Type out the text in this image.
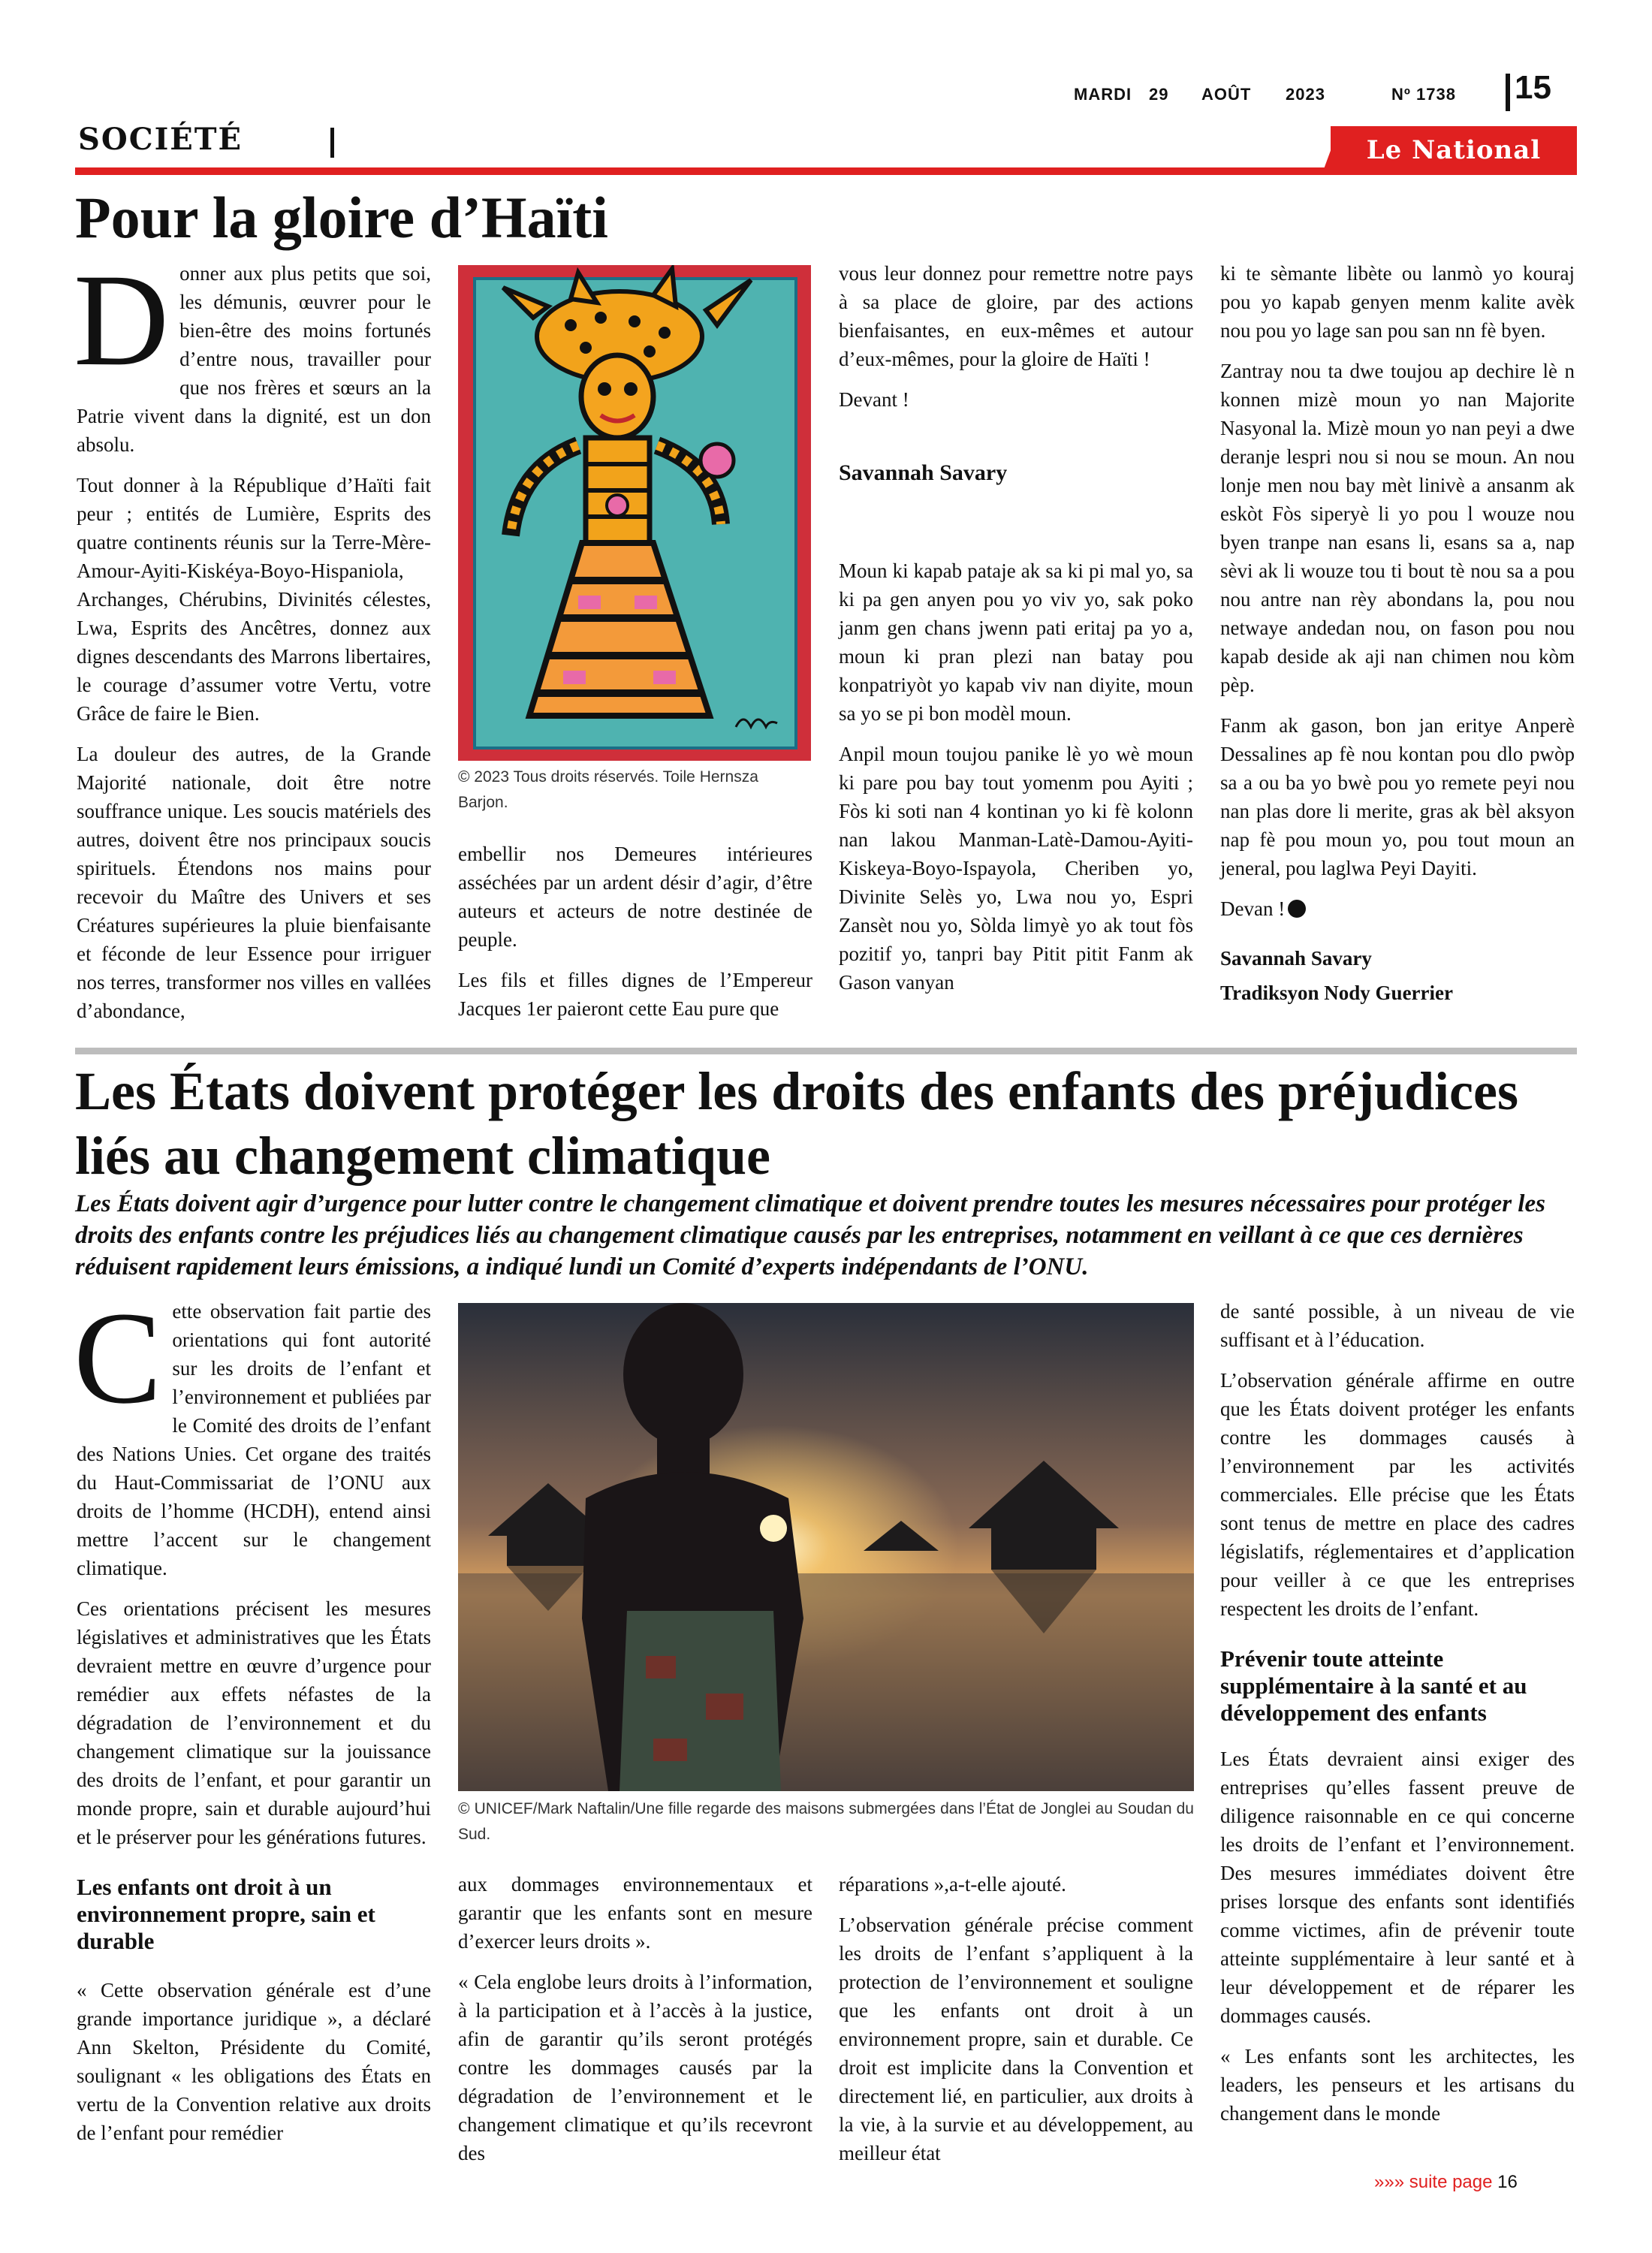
MARDI 29 AOÛT 2023	Nº 1738 15
SOCIÉTÉ	Le National
Pour la gloire d’Haïti

Donner aux plus petits que soi, les démunis, œuvrer pour le bien-être des moins fortunés d’entre nous, travailler pour que nos frères et sœurs an la Patrie vivent dans la dignité, est un don absolu.

Tout donner à la République d’Haïti fait peur ; entités de Lumière, Esprits des quatre continents réunis sur la Terre-Mère-Amour-Ayiti-Kiskéya-Boyo-Hispaniola, Archanges, Chérubins, Divinités célestes, Lwa, Esprits des Ancêtres, donnez aux dignes descendants des Marrons libertaires, le courage d’assumer votre Vertu, votre Grâce de faire le Bien.

La douleur des autres, de la Grande Majorité nationale, doit être notre souffrance unique. Les soucis matériels des autres, doivent être nos principaux soucis spirituels. Étendons nos mains pour recevoir du Maître des Univers et ses Créatures supérieures la pluie bienfaisante et féconde de leur Essence pour irriguer nos terres, transformer nos villes en vallées d’abondance,

© 2023 Tous droits réservés. Toile Hernsza Barjon.

embellir nos Demeures intérieures asséchées par un ardent désir d’agir, d’être auteurs et acteurs de notre destinée de peuple.

Les fils et filles dignes de l’Empereur Jacques 1er paieront cette Eau pure que

vous leur donnez pour remettre notre pays à sa place de gloire, par des actions bienfaisantes, en eux-mêmes et autour d’eux-mêmes, pour la gloire de Haïti !

Devant !

Savannah Savary

Moun ki kapab pataje ak sa ki pi mal yo, sa ki pa gen anyen pou yo viv yo, sak poko janm gen chans jwenn pati eritaj pa yo a, moun ki pran plezi nan batay pou konpatriyòt yo kapab viv nan diyite, moun sa yo se pi bon modèl moun.

Anpil moun toujou panike lè yo wè moun ki pare pou bay tout yomenm pou Ayiti ; Fòs ki soti nan 4 kontinan yo ki fè kolonn nan lakou Manman-Latè-Damou-Ayiti-Kiskeya-Boyo-Ispayola, Cheriben yo, Divinite Selès yo, Lwa nou yo, Espri Zansèt nou yo, Sòlda limyè yo ak tout fòs pozitif yo, tanpri bay Pitit pitit Fanm ak Gason vanyan

ki te sèmante libète ou lanmò yo kouraj pou yo kapab genyen menm kalite avèk nou pou yo lage san pou san nn fè byen.

Zantray nou ta dwe toujou ap dechire lè n konnen mizè moun yo nan Majorite Nasyonal la. Mizè moun yo nan peyi a dwe deranje lespri nou si nou se moun. An nou lonje men nou bay mèt linivè a ansanm ak eskòt Fòs siperyè li yo pou l wouze nou byen tranpe nan esans li, esans sa a, nap sèvi ak li wouze tou ti bout tè nou sa a pou nou antre nan rèy abondans la, pou nou netwaye andedan nou, on fason pou nou kapab deside ak aji nan chimen nou kòm pèp.

Fanm ak gason, bon jan erityе Anperè Dessalines ap fè nou kontan pou dlo pwòp sa a ou ba yo bwè pou yo remete peyi nou nan plas dore li merite, gras ak bèl aksyon nap fè pou moun yo, pou tout moun an jeneral, pou laglwa Peyi Dayiti.

Devan !

Savannah Savary

Tradiksyon Nody Guerrier

Les États doivent protéger les droits des enfants des préjudices liés au changement climatique
Les États doivent agir d’urgence pour lutter contre le changement climatique et doivent prendre toutes les mesures nécessaires pour protéger les droits des enfants contre les préjudices liés au changement climatique causés par les entreprises, notamment en veillant à ce que ces dernières réduisent rapidement leurs émissions, a indiqué lundi un Comité d’experts indépendants de l’ONU.

Cette observation fait partie des orientations qui font autorité sur les droits de l’enfant et l’environnement et publiées par le Comité des droits de l’enfant des Nations Unies. Cet organe des traités du Haut-Commissariat de l’ONU aux droits de l’homme (HCDH), entend ainsi mettre l’accent sur le changement climatique.

Ces orientations précisent les mesures législatives et administratives que les États devraient mettre en œuvre d’urgence pour remédier aux effets néfastes de la dégradation de l’environnement et du changement climatique sur la jouissance des droits de l’enfant, et pour garantir un monde propre, sain et durable aujourd’hui et le préserver pour les générations futures.

Les enfants ont droit à un environnement propre, sain et durable

« Cette observation générale est d’une grande importance juridique », a déclaré Ann Skelton, Présidente du Comité, soulignant « les obligations des États en vertu de la Convention relative aux droits de l’enfant pour remédier

© UNICEF/Mark Naftalin/Une fille regarde des maisons submergées dans l’État de Jonglei au Soudan du Sud.

aux dommages environnementaux et garantir que les enfants sont en mesure d’exercer leurs droits ».

« Cela englobe leurs droits à l’information, à la participation et à l’accès à la justice, afin de garantir qu’ils seront protégés contre les dommages causés par la dégradation de l’environnement et le changement climatique et qu’ils recevront des

réparations »,a-t-elle ajouté.

L’observation générale précise comment les droits de l’enfant s’appliquent à la protection de l’environnement et souligne que les enfants ont droit à un environnement propre, sain et durable. Ce droit est implicite dans la Convention et directement lié, en particulier, aux droits à la vie, à la survie et au développement, au meilleur état

de santé possible, à un niveau de vie suffisant et à l’éducation.

L’observation générale affirme en outre que les États doivent protéger les enfants contre les dommages causés à l’environnement par les activités commerciales. Elle précise que les États sont tenus de mettre en place des cadres législatifs, réglementaires et d’application pour veiller à ce que les entreprises respectent les droits de l’enfant.

Prévenir toute atteinte supplémentaire à la santé et au développement des enfants

Les États devraient ainsi exiger des entreprises qu’elles fassent preuve de diligence raisonnable en ce qui concerne les droits de l’enfant et l’environnement. Des mesures immédiates doivent être prises lorsque des enfants sont identifiés comme victimes, afin de prévenir toute atteinte supplémentaire à leur santé et à leur développement et de réparer les dommages causés.

« Les enfants sont les architectes, les leaders, les penseurs et les artisans du changement dans le monde

»»» suite page 16
